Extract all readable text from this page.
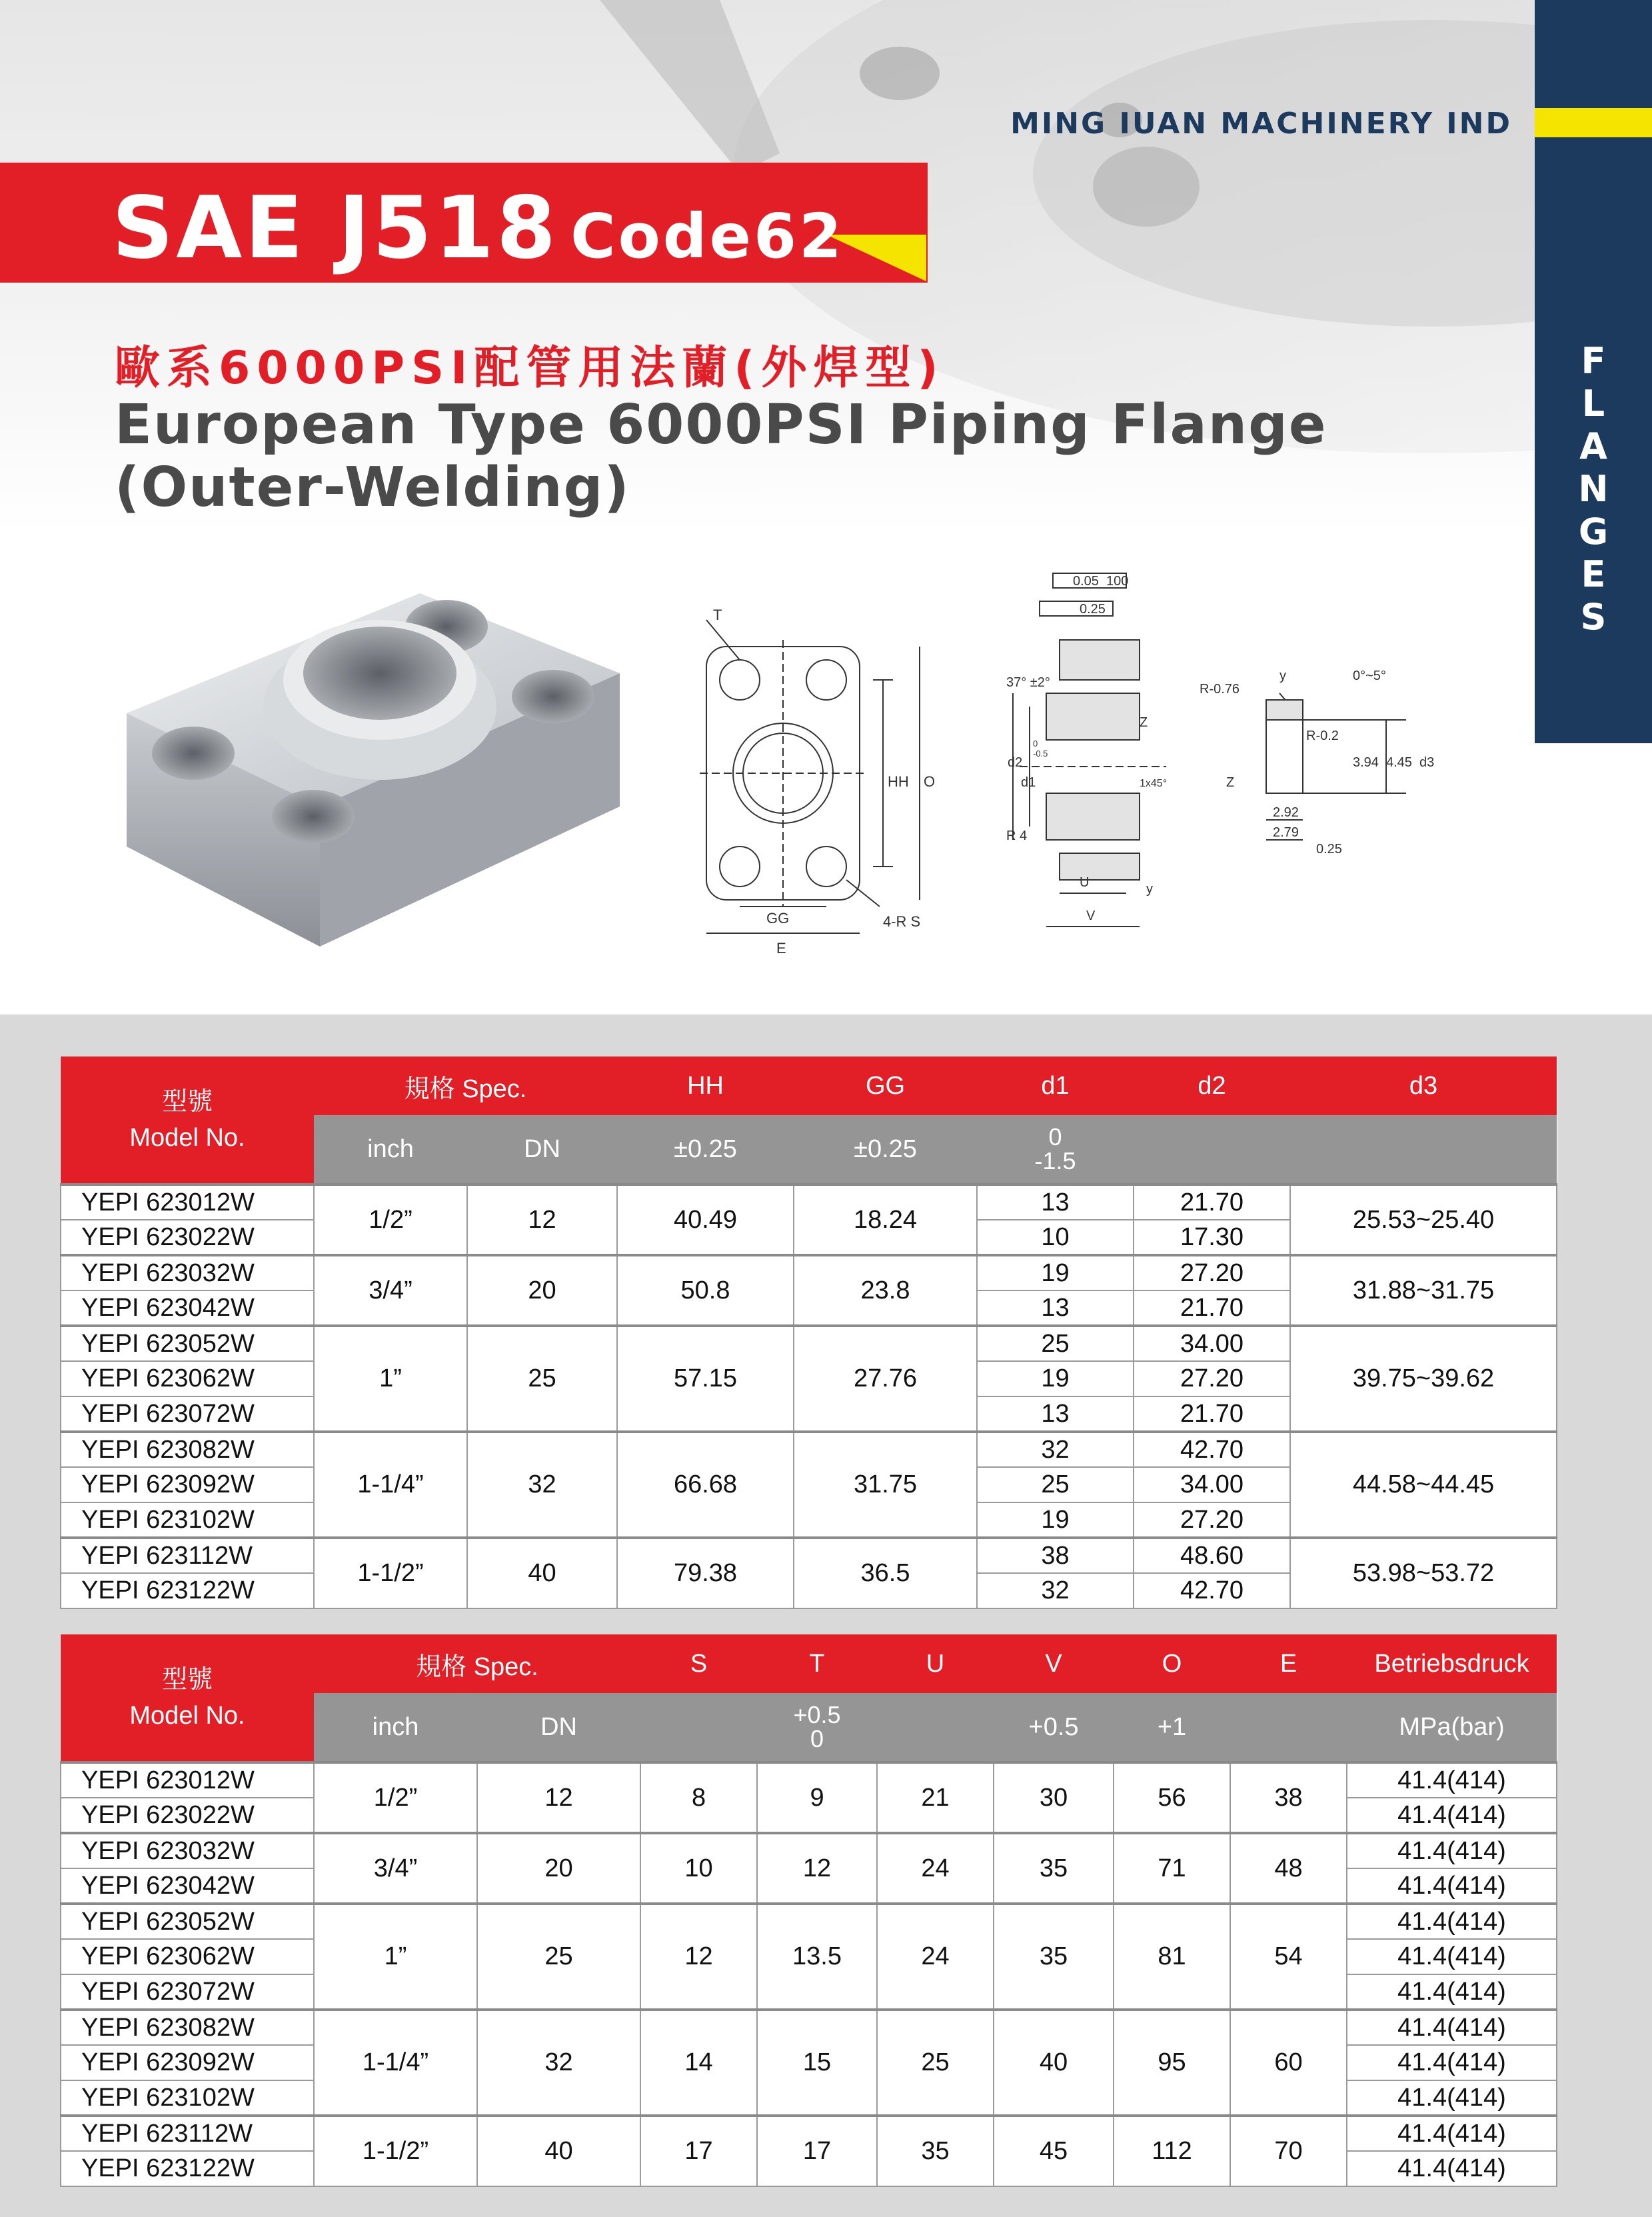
FLANGES
MING IUAN MACHINERY IND
SAE J518 Code62
歐系6000PSI配管用法蘭(外焊型)
European Type 6000PSI Piping Flange
(Outer-Welding)
T
HH O
GG
E
4-R S
0.05 100
0.25
37° ±2°
Z
d2
d1
0
-0.5
1x45°
R 4
U
V
y
R-0.76
R-0.2
0°~5°
3.94 4.45 d3
2.92
2.79
0.25
Z
y
型號
Model No.	規格 Spec.		HH	GG	d1	d2	d3
	inch	DN	±0.25	±0.25	0
-1.5		

YEPI 623012W	1/2”	12	40.49	18.24	13	21.70	25.53~25.40
YEPI 623022W					10	17.30	
YEPI 623032W	3/4”	20	50.8	23.8	19	27.20	31.88~31.75
YEPI 623042W					13	21.70	
YEPI 623052W	1”	25	57.15	27.76	25	34.00	39.75~39.62
YEPI 623062W					19	27.20	
YEPI 623072W					13	21.70	
YEPI 623082W	1-1/4”	32	66.68	31.75	32	42.70	44.58~44.45
YEPI 623092W					25	34.00	
YEPI 623102W					19	27.20	
YEPI 623112W	1-1/2”	40	79.38	36.5	38	48.60	53.98~53.72
YEPI 623122W					32	42.70	
型號
Model No.	規格 Spec.		S	T	U	V	O	E	Betriebsdruck
	inch	DN		+0.5
0		+0.5	+1		MPa(bar)
YEPI 623012W	1/2”	12	8	9	21	30	56	38	41.4(414)
YEPI 623022W									41.4(414)
YEPI 623032W	3/4”	20	10	12	24	35	71	48	41.4(414)
YEPI 623042W									41.4(414)
YEPI 623052W	1”	25	12	13.5	24	35	81	54	41.4(414)
YEPI 623062W									41.4(414)
YEPI 623072W									41.4(414)
YEPI 623082W	1-1/4”	32	14	15	25	40	95	60	41.4(414)
YEPI 623092W									41.4(414)
YEPI 623102W									41.4(414)
YEPI 623112W	1-1/2”	40	17	17	35	45	112	70	41.4(414)
YEPI 623122W									41.4(414)
